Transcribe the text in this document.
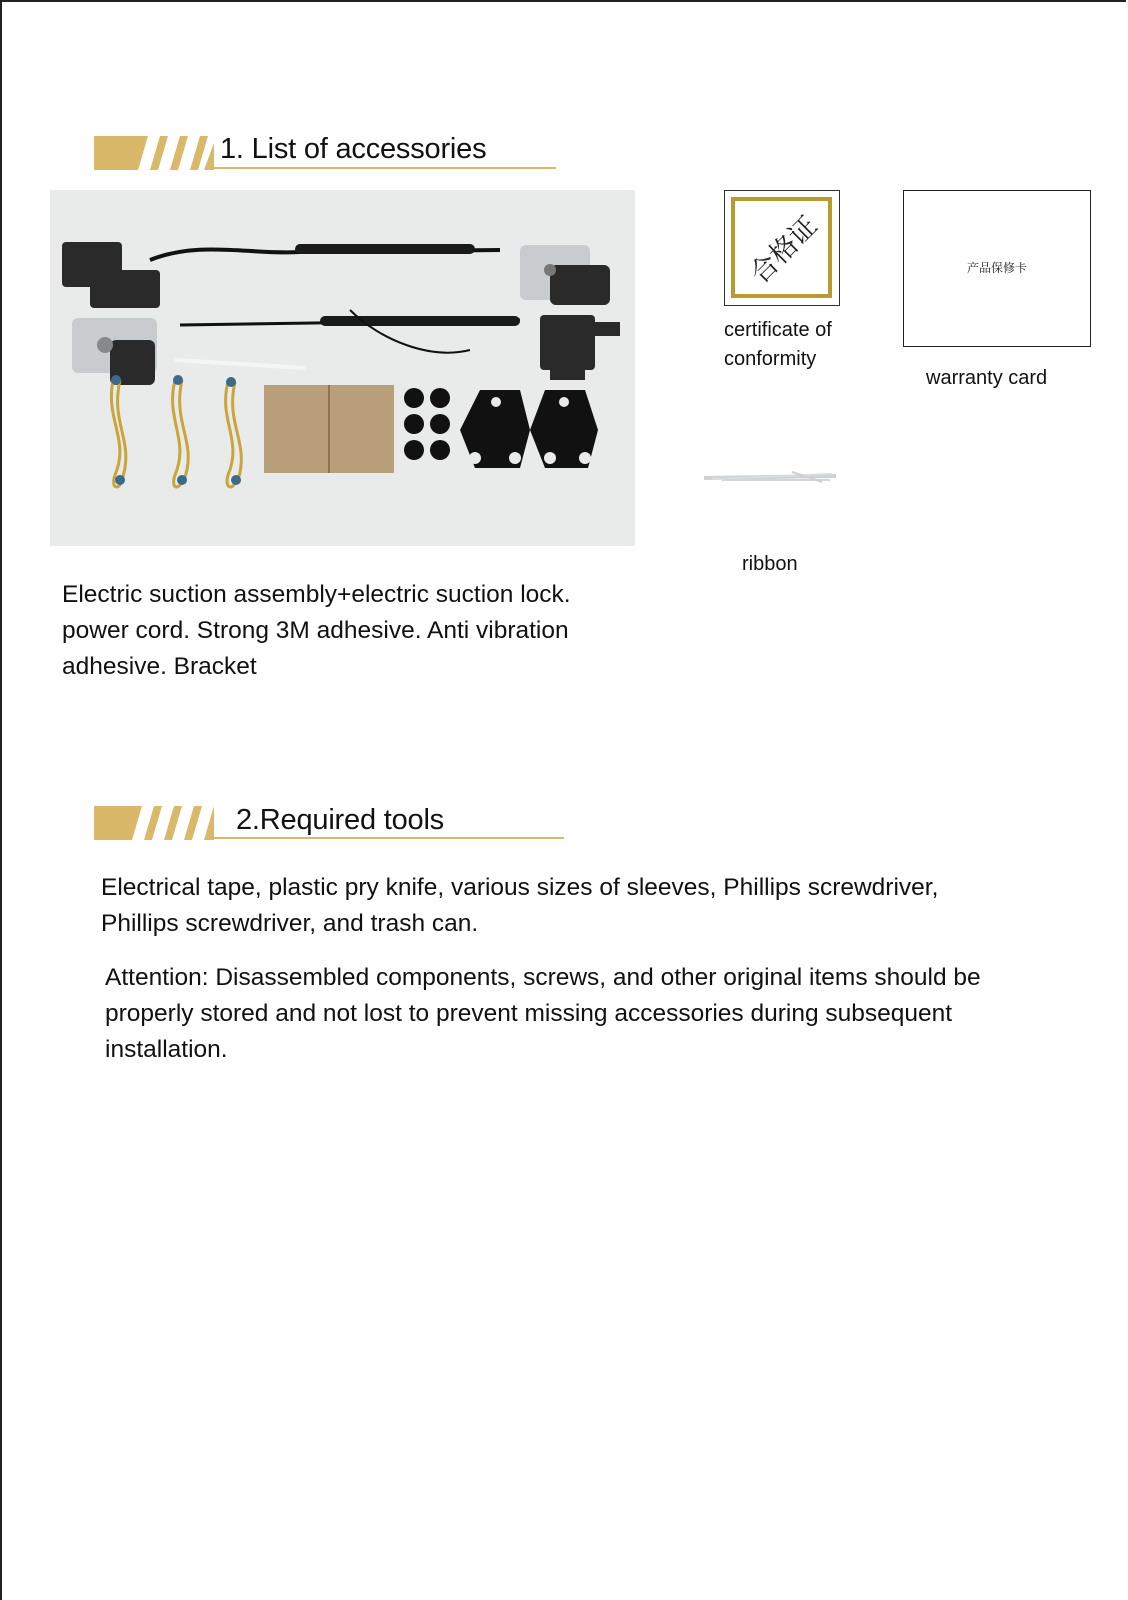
1. List of accessories
合格证
certificate of
conformity
产品保修卡
warranty card
ribbon
Electric suction assembly+electric suction lock. power cord. Strong 3M adhesive. Anti vibration adhesive. Bracket
2.Required tools
Electrical tape, plastic pry knife, various sizes of sleeves, Phillips screwdriver, Phillips screwdriver, and trash can.
Attention: Disassembled components, screws, and other original items should be properly stored and not lost to prevent missing accessories during subsequent installation.
